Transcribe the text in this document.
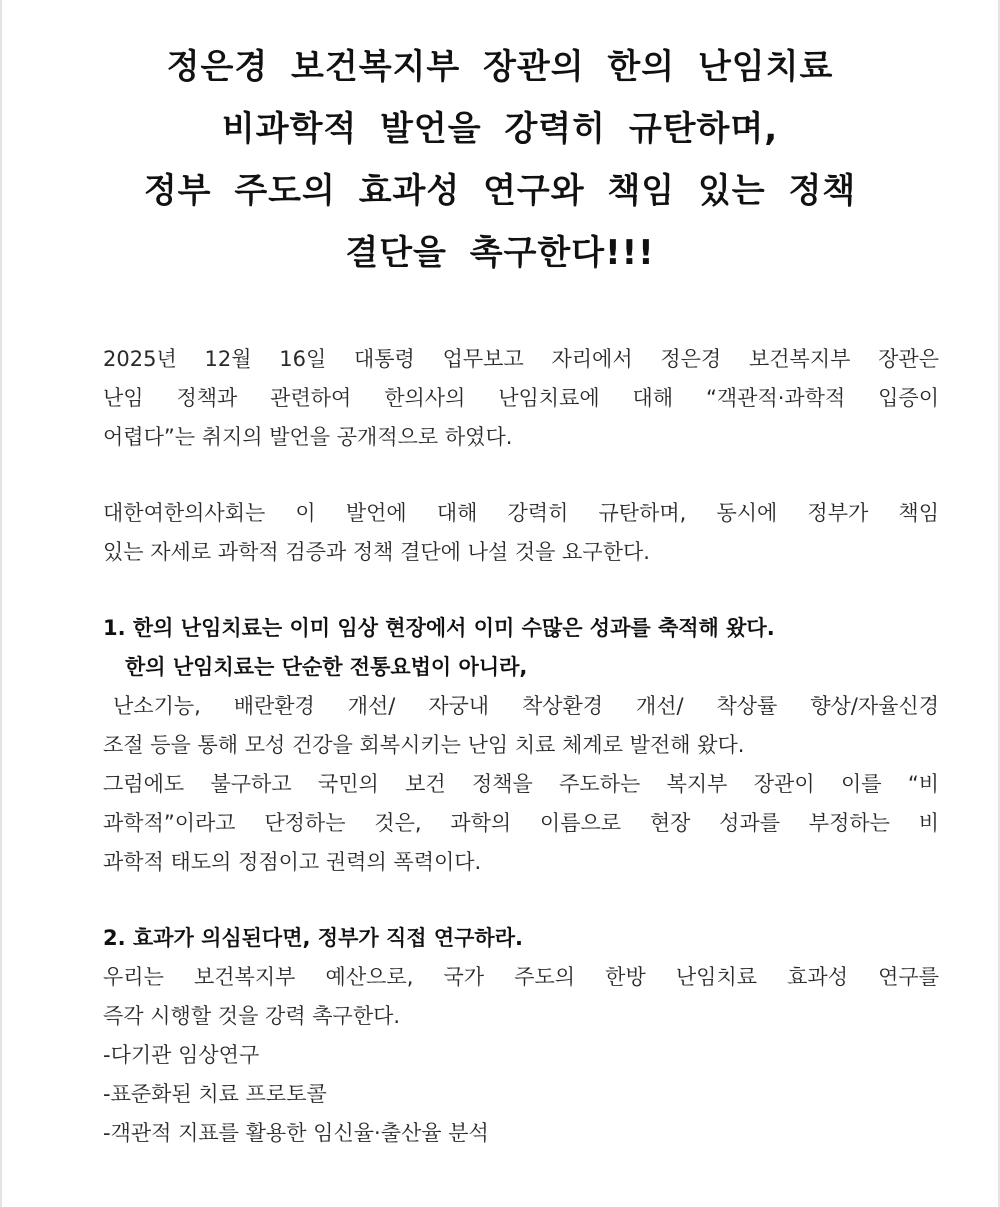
정은경 보건복지부 장관의 한의 난임치료
비과학적 발언을 강력히 규탄하며,
정부 주도의 효과성 연구와 책임 있는 정책
결단을 촉구한다!!!
2025년 12월 16일 대통령 업무보고 자리에서 정은경 보건복지부 장관은
난임 정책과 관련하여 한의사의 난임치료에 대해 “객관적·과학적 입증이
어렵다”는 취지의 발언을 공개적으로 하였다.
대한여한의사회는 이 발언에 대해 강력히 규탄하며, 동시에 정부가 책임
있는 자세로 과학적 검증과 정책 결단에 나설 것을 요구한다.
1. 한의 난임치료는 이미 임상 현장에서 이미 수많은 성과를 축적해 왔다.
한의 난임치료는 단순한 전통요법이 아니라,
난소기능, 배란환경 개선/ 자궁내 착상환경 개선/ 착상률 향상/자율신경
조절 등을 통해 모성 건강을 회복시키는 난임 치료 체계로 발전해 왔다.
그럼에도 불구하고 국민의 보건 정책을 주도하는 복지부 장관이 이를 “비
과학적”이라고 단정하는 것은, 과학의 이름으로 현장 성과를 부정하는 비
과학적 태도의 정점이고 권력의 폭력이다.
2. 효과가 의심된다면, 정부가 직접 연구하라.
우리는 보건복지부 예산으로, 국가 주도의 한방 난임치료 효과성 연구를
즉각 시행할 것을 강력 촉구한다.
-다기관 임상연구
-표준화된 치료 프로토콜
-객관적 지표를 활용한 임신율·출산율 분석
